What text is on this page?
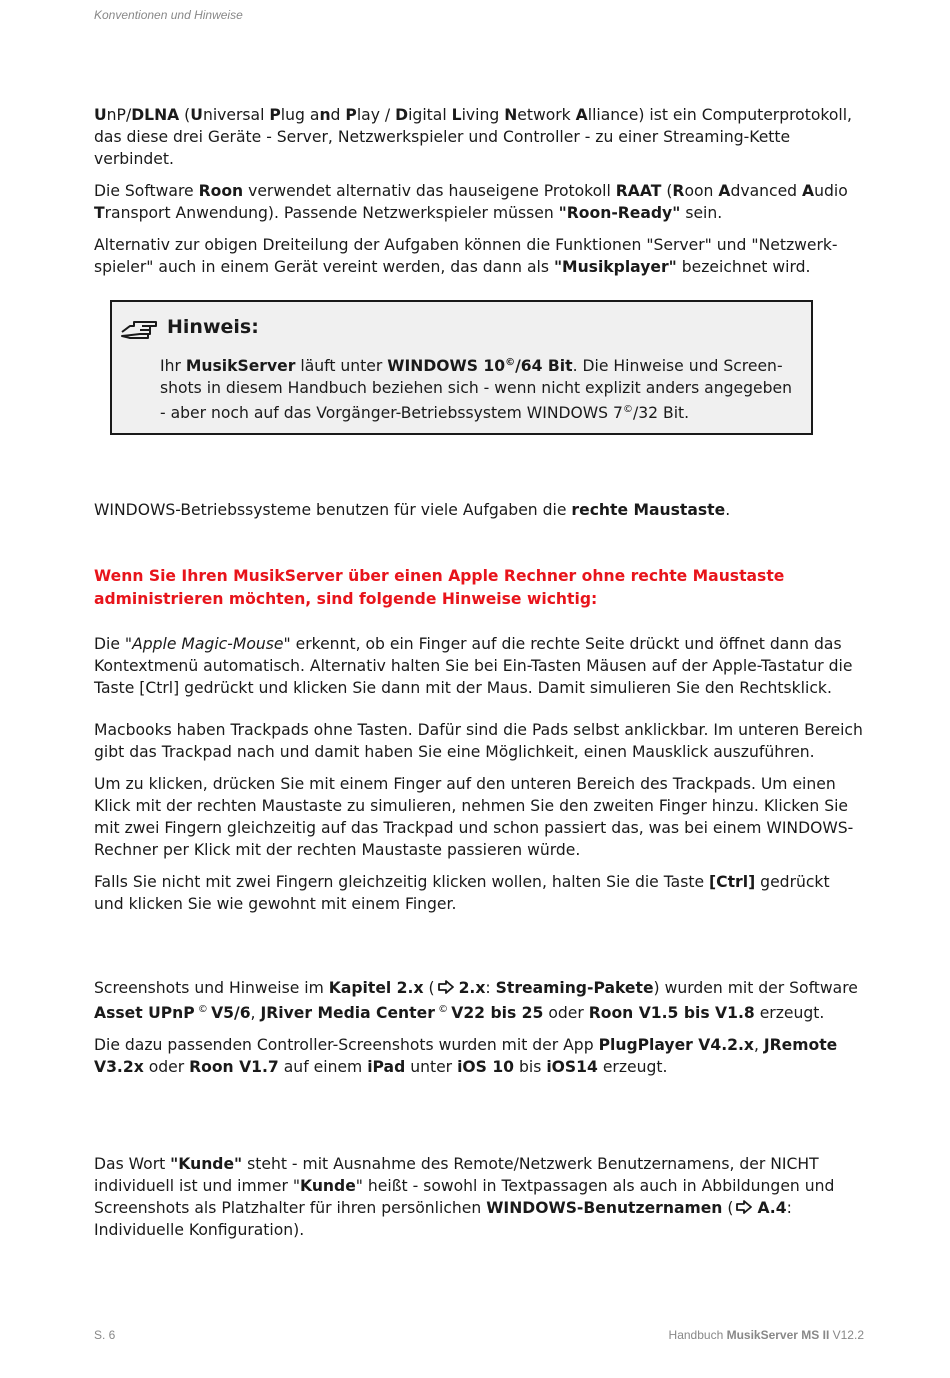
Konventionen und Hinweise

UnP/DLNA (Universal Plug and Play / Digital Living Network Alliance) ist ein Computerprotokoll, das diese drei Geräte - Server, Netzwerkspieler und Controller - zu einer Streaming-Kette verbindet.

Die Software Roon verwendet alternativ das hauseigene Protokoll RAAT (Roon Advanced Audio Transport Anwendung). Passende Netzwerkspieler müssen "Roon-Ready" sein.

Alternativ zur obigen Dreiteilung der Aufgaben können die Funktionen "Server" und "Netzwerk-spieler" auch in einem Gerät vereint werden, das dann als "Musikplayer" bezeichnet wird.

Hinweis:
Ihr MusikServer läuft unter WINDOWS 10©/64 Bit. Die Hinweise und Screen-shots in diesem Handbuch beziehen sich - wenn nicht explizit anders angegeben - aber noch auf das Vorgänger-Betriebssystem WINDOWS 7©/32 Bit.

WINDOWS-Betriebssysteme benutzen für viele Aufgaben die rechte Maustaste.

Wenn Sie Ihren MusikServer über einen Apple Rechner ohne rechte Maustaste administrieren möchten, sind folgende Hinweise wichtig:

Die "Apple Magic-Mouse" erkennt, ob ein Finger auf die rechte Seite drückt und öffnet dann das Kontextmenü automatisch. Alternativ halten Sie bei Ein-Tasten Mäusen auf der Apple-Tastatur die Taste [Ctrl] gedrückt und klicken Sie dann mit der Maus. Damit simulieren Sie den Rechtsklick.

Macbooks haben Trackpads ohne Tasten. Dafür sind die Pads selbst anklickbar. Im unteren Bereich gibt das Trackpad nach und damit haben Sie eine Möglichkeit, einen Mausklick auszuführen.

Um zu klicken, drücken Sie mit einem Finger auf den unteren Bereich des Trackpads. Um einen Klick mit der rechten Maustaste zu simulieren, nehmen Sie den zweiten Finger hinzu. Klicken Sie mit zwei Fingern gleichzeitig auf das Trackpad und schon passiert das, was bei einem WINDOWS-Rechner per Klick mit der rechten Maustaste passieren würde.

Falls Sie nicht mit zwei Fingern gleichzeitig klicken wollen, halten Sie die Taste [Ctrl] gedrückt und klicken Sie wie gewohnt mit einem Finger.

Screenshots und Hinweise im Kapitel 2.x ( 2.x: Streaming-Pakete) wurden mit der Software Asset UPnP © V5/6, JRiver Media Center © V22 bis 25 oder Roon V1.5 bis V1.8 erzeugt.

Die dazu passenden Controller-Screenshots wurden mit der App PlugPlayer V4.2.x, JRemote V3.2x oder Roon V1.7 auf einem iPad unter iOS 10 bis iOS14 erzeugt.

Das Wort "Kunde" steht - mit Ausnahme des Remote/Netzwerk Benutzernamens, der NICHT individuell ist und immer "Kunde" heißt - sowohl in Textpassagen als auch in Abbildungen und Screenshots als Platzhalter für ihren persönlichen WINDOWS-Benutzernamen ( A.4: Individuelle Konfiguration).

S. 6	Handbuch MusikServer MS II V12.2
